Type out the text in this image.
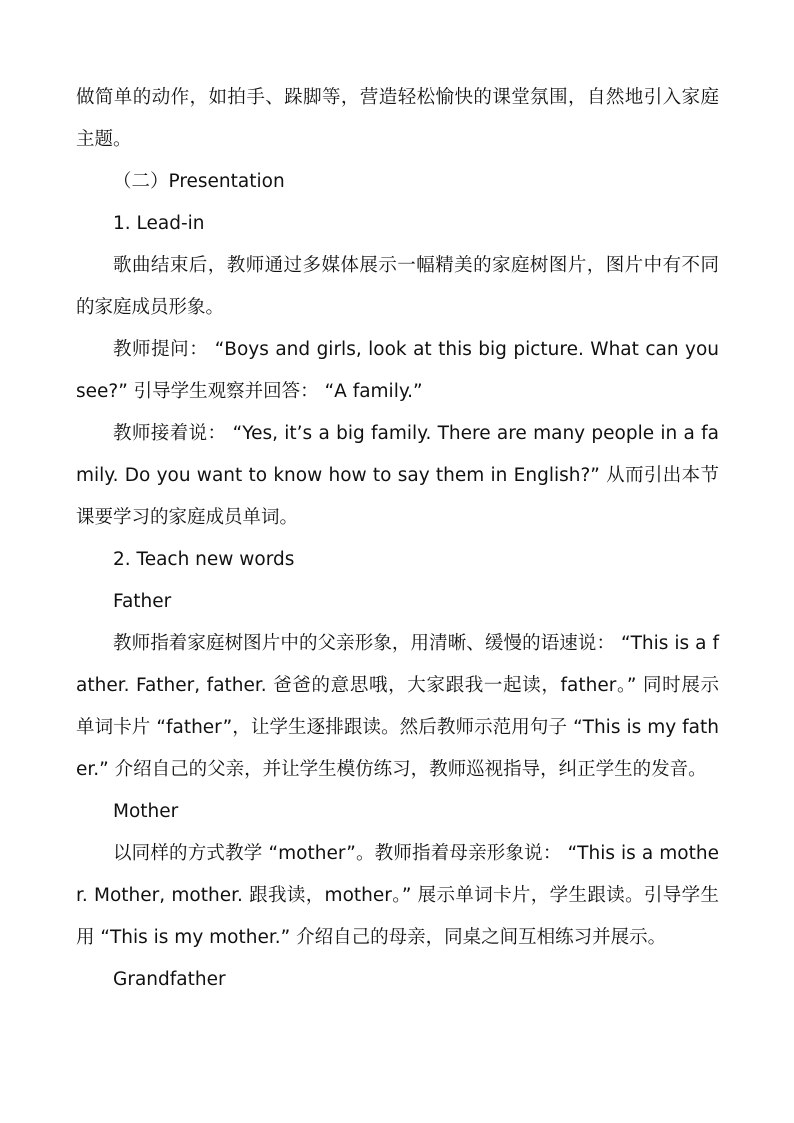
做简单的动作，如拍手、跺脚等，营造轻松愉快的课堂氛围，自然地引入家庭主题。

（二）Presentation

1. Lead-in

歌曲结束后，教师通过多媒体展示一幅精美的家庭树图片，图片中有不同的家庭成员形象。

教师提问： “Boys and girls, look at this big picture. What can you see?” 引导学生观察并回答： “A family.”

教师接着说： “Yes, it’s a big family. There are many people in a family. Do you want to know how to say them in English?” 从而引出本节课要学习的家庭成员单词。

2. Teach new words

Father

教师指着家庭树图片中的父亲形象，用清晰、缓慢的语速说： “This is a father. Father, father. 爸爸的意思哦，大家跟我一起读，father。” 同时展示单词卡片 “father”，让学生逐排跟读。然后教师示范用句子 “This is my father.” 介绍自己的父亲，并让学生模仿练习，教师巡视指导，纠正学生的发音。

Mother

以同样的方式教学 “mother”。教师指着母亲形象说： “This is a mother. Mother, mother. 跟我读，mother。” 展示单词卡片，学生跟读。引导学生用 “This is my mother.” 介绍自己的母亲，同桌之间互相练习并展示。

Grandfather
